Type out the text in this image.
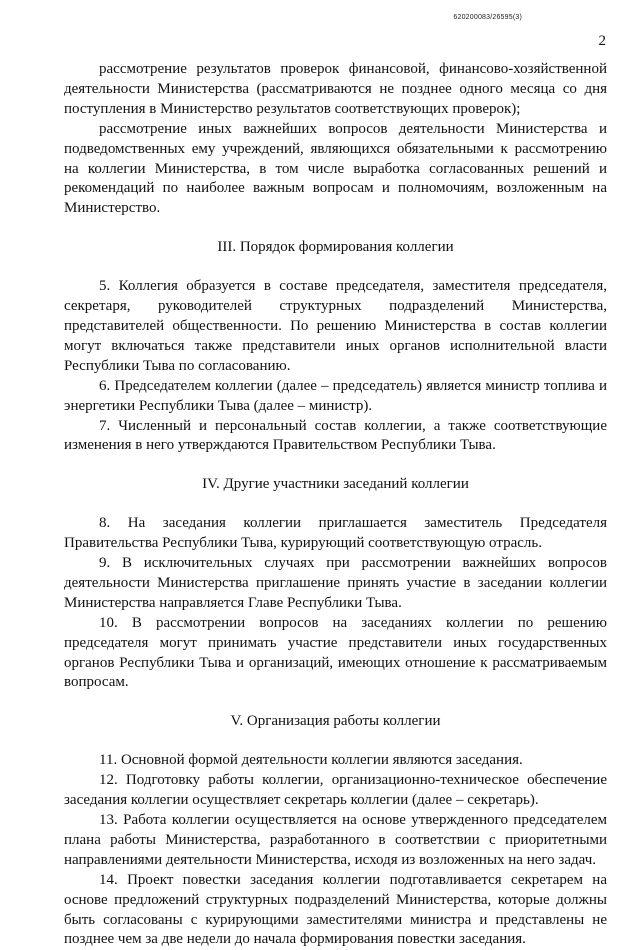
620200083/26595(3)
2

рассмотрение результатов проверок финансовой, финансово-хозяйственной деятельности Министерства (рассматриваются не позднее одного месяца со дня поступления в Министерство результатов соответствующих проверок);

рассмотрение иных важнейших вопросов деятельности Министерства и подведомственных ему учреждений, являющихся обязательными к рассмотрению на коллегии Министерства, в том числе выработка согласованных решений и рекомендаций по наиболее важным вопросам и полномочиям, возложенным на Министерство.

III. Порядок формирования коллегии

5. Коллегия образуется в составе председателя, заместителя председателя, секретаря, руководителей структурных подразделений Министерства, представителей общественности. По решению Министерства в состав коллегии могут включаться также представители иных органов исполнительной власти Республики Тыва по согласованию.

6. Председателем коллегии (далее – председатель) является министр топлива и энергетики Республики Тыва (далее – министр).

7. Численный и персональный состав коллегии, а также соответствующие изменения в него утверждаются Правительством Республики Тыва.

IV. Другие участники заседаний коллегии

8. На заседания коллегии приглашается заместитель Председателя Правительства Республики Тыва, курирующий соответствующую отрасль.

9. В исключительных случаях при рассмотрении важнейших вопросов деятельности Министерства приглашение принять участие в заседании коллегии Министерства направляется Главе Республики Тыва.

10. В рассмотрении вопросов на заседаниях коллегии по решению председателя могут принимать участие представители иных государственных органов Республики Тыва и организаций, имеющих отношение к рассматриваемым вопросам.

V. Организация работы коллегии

11. Основной формой деятельности коллегии являются заседания.

12. Подготовку работы коллегии, организационно-техническое обеспечение заседания коллегии осуществляет секретарь коллегии (далее – секретарь).

13. Работа коллегии осуществляется на основе утвержденного председателем плана работы Министерства, разработанного в соответствии с приоритетными направлениями деятельности Министерства, исходя из возложенных на него задач.

14. Проект повестки заседания коллегии подготавливается секретарем на основе предложений структурных подразделений Министерства, которые должны быть согласованы с курирующими заместителями министра и представлены не позднее чем за две недели до начала формирования повестки заседания.
